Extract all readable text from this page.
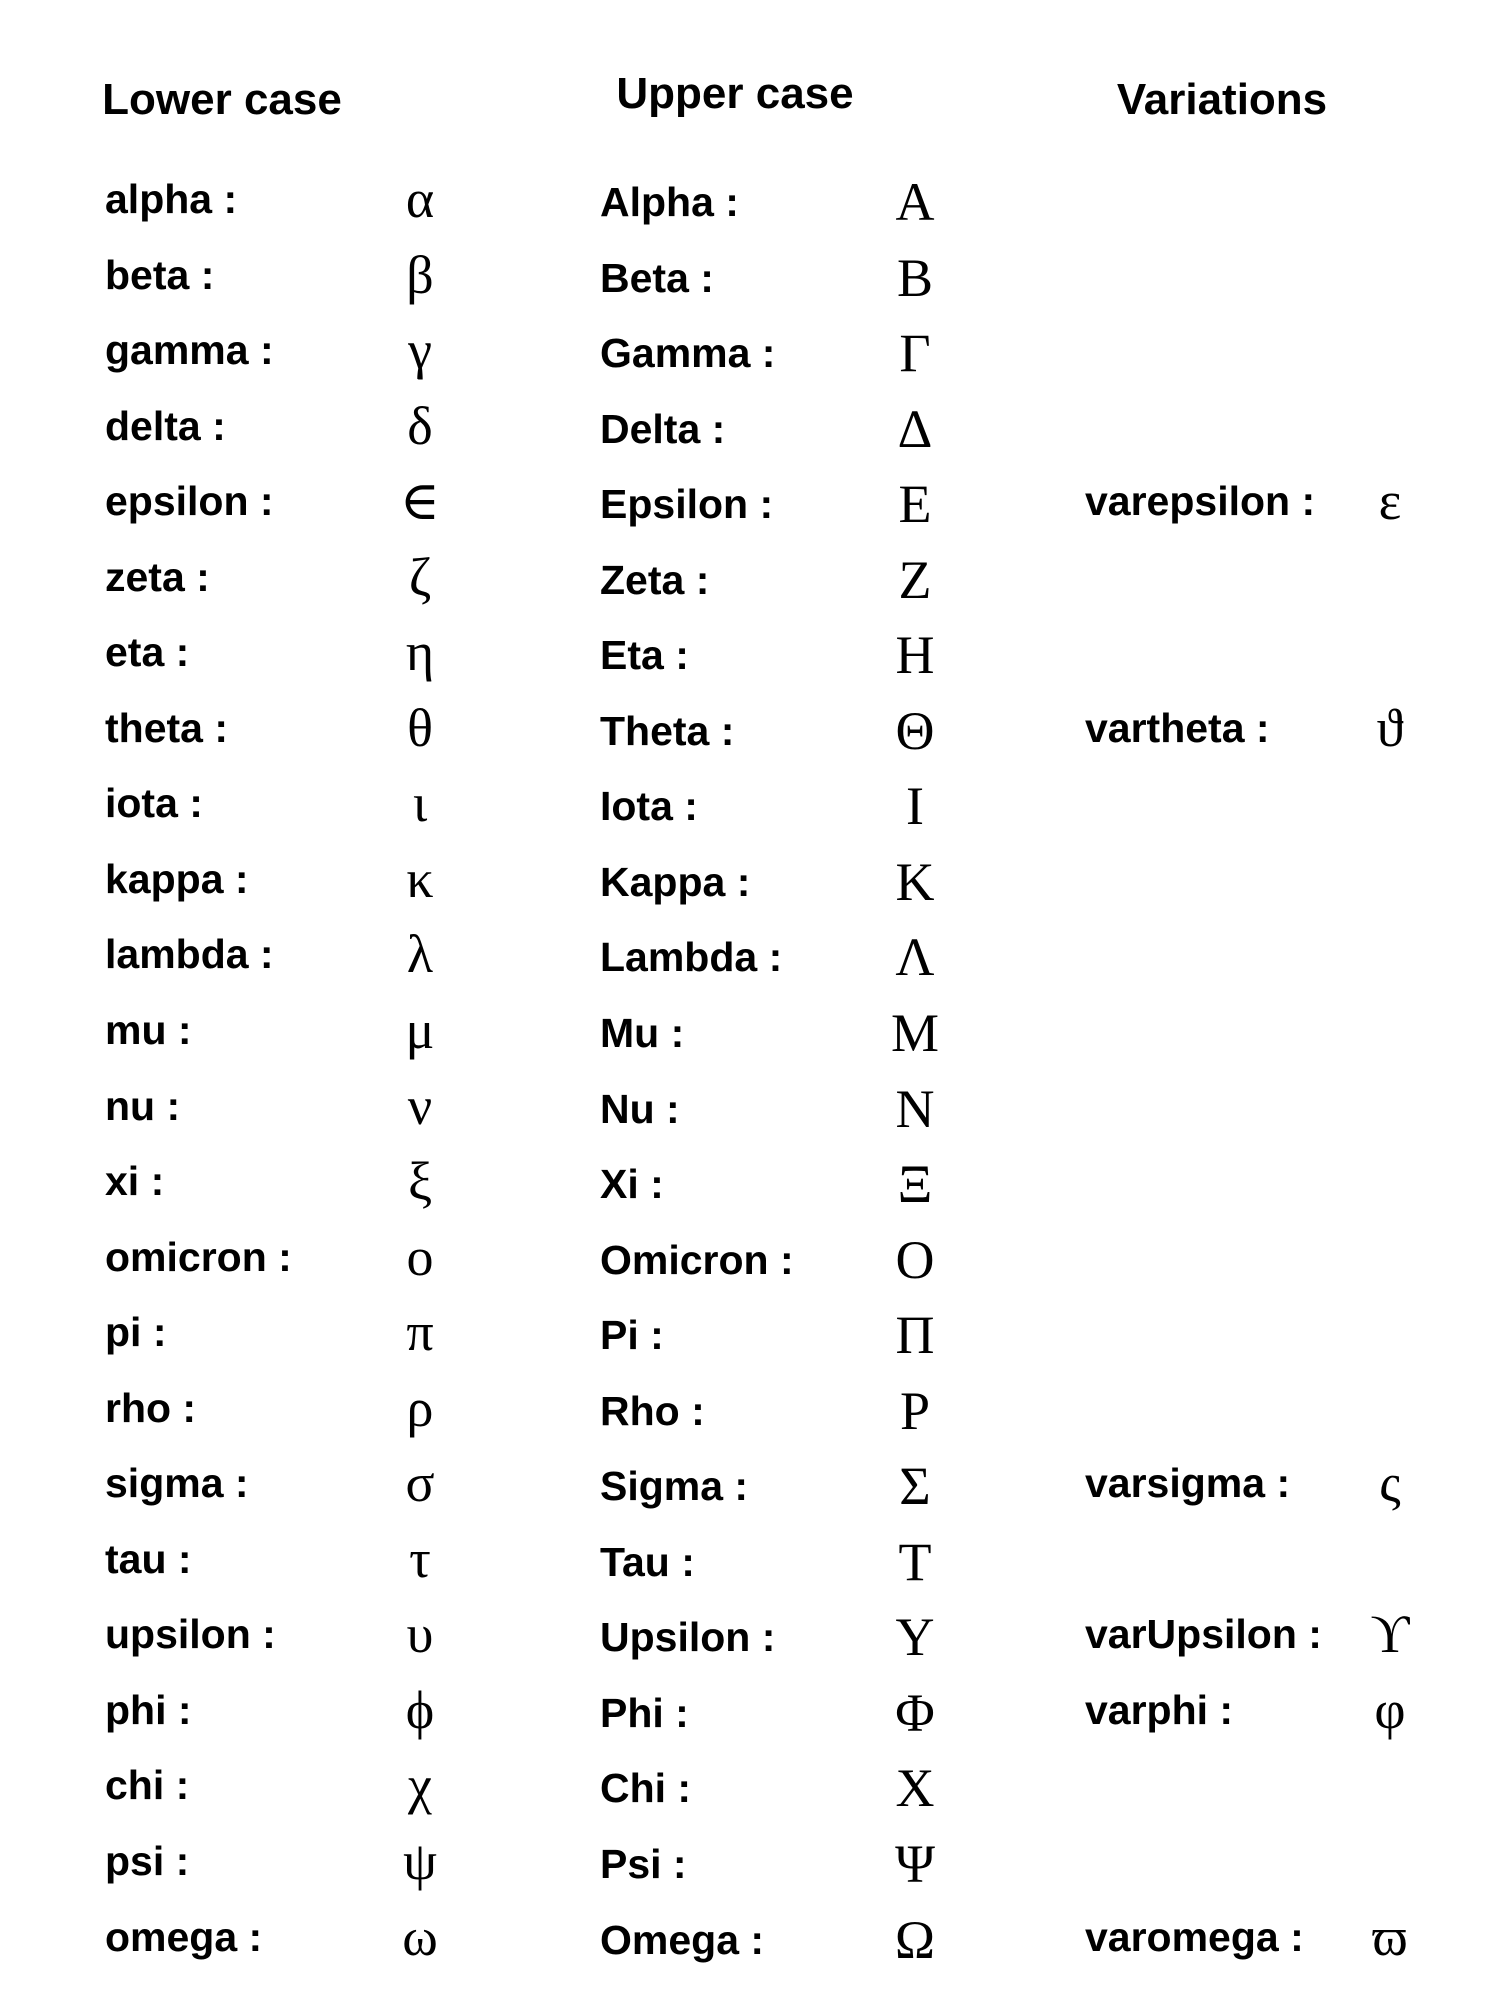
Lower case	Upper case	Variations
alpha :	α	Alpha :	Α
beta :	β	Beta :	Β
gamma :	γ	Gamma :	Γ
delta :	δ	Delta :	Δ
epsilon :	∈	Epsilon :	Ε	varepsilon :	ε
zeta :	ζ	Zeta :	Ζ
eta :	η	Eta :	Η
theta :	θ	Theta :	Θ	vartheta :	ϑ
iota :	ι	Iota :	Ι
kappa :	κ	Kappa :	Κ
lambda :	λ	Lambda :	Λ
mu :	μ	Mu :	Μ
nu :	ν	Nu :	Ν
xi :	ξ	Xi :	Ξ
omicron :	ο	Omicron :	Ο
pi :	π	Pi :	Π
rho :	ρ	Rho :	Ρ
sigma :	σ	Sigma :	Σ	varsigma :	ς
tau :	τ	Tau :	Τ
upsilon :	υ	Upsilon :	Υ	varUpsilon : ϒ
phi :	ϕ	Phi :	Φ	varphi :	φ
chi :	χ	Chi :	Χ
psi :	ψ	Psi :	Ψ
omega :	ω	Omega :	Ω	varomega :	ϖ
